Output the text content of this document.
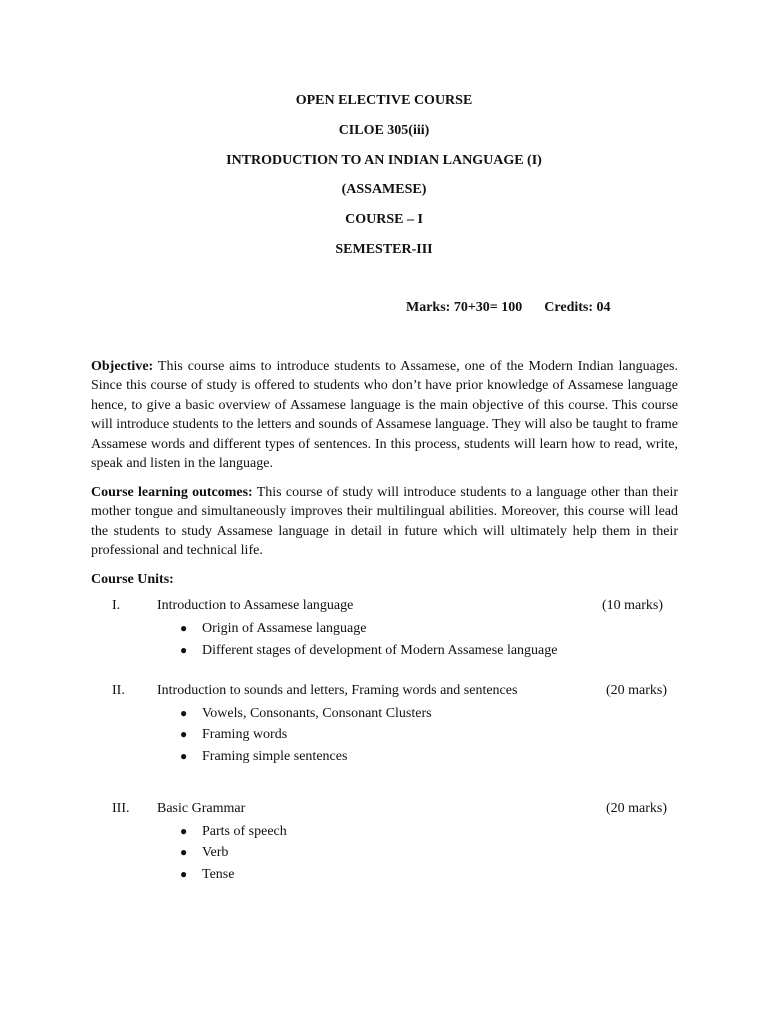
OPEN ELECTIVE COURSE
CILOE 305(iii)
INTRODUCTION TO AN INDIAN LANGUAGE (I)
(ASSAMESE)
COURSE – I
SEMESTER-III
Marks: 70+30= 100 Credits: 04
Objective: This course aims to introduce students to Assamese, one of the Modern Indian languages. Since this course of study is offered to students who don’t have prior knowledge of Assamese language hence, to give a basic overview of Assamese language is the main objective of this course. This course will introduce students to the letters and sounds of Assamese language. They will also be taught to frame Assamese words and different types of sentences. In this process, students will learn how to read, write, speak and listen in the language.
Course learning outcomes: This course of study will introduce students to a language other than their mother tongue and simultaneously improves their multilingual abilities. Moreover, this course will lead the students to study Assamese language in detail in future which will ultimately help them in their professional and technical life.
Course Units:
I.	Introduction to Assamese language	(10 marks)
● Origin of Assamese language
● Different stages of development of Modern Assamese language
II. Introduction to sounds and letters, Framing words and sentences	(20 marks)
● Vowels, Consonants, Consonant Clusters
● Framing words
● Framing simple sentences
III. Basic Grammar	(20 marks)
● Parts of speech
● Verb
● Tense
